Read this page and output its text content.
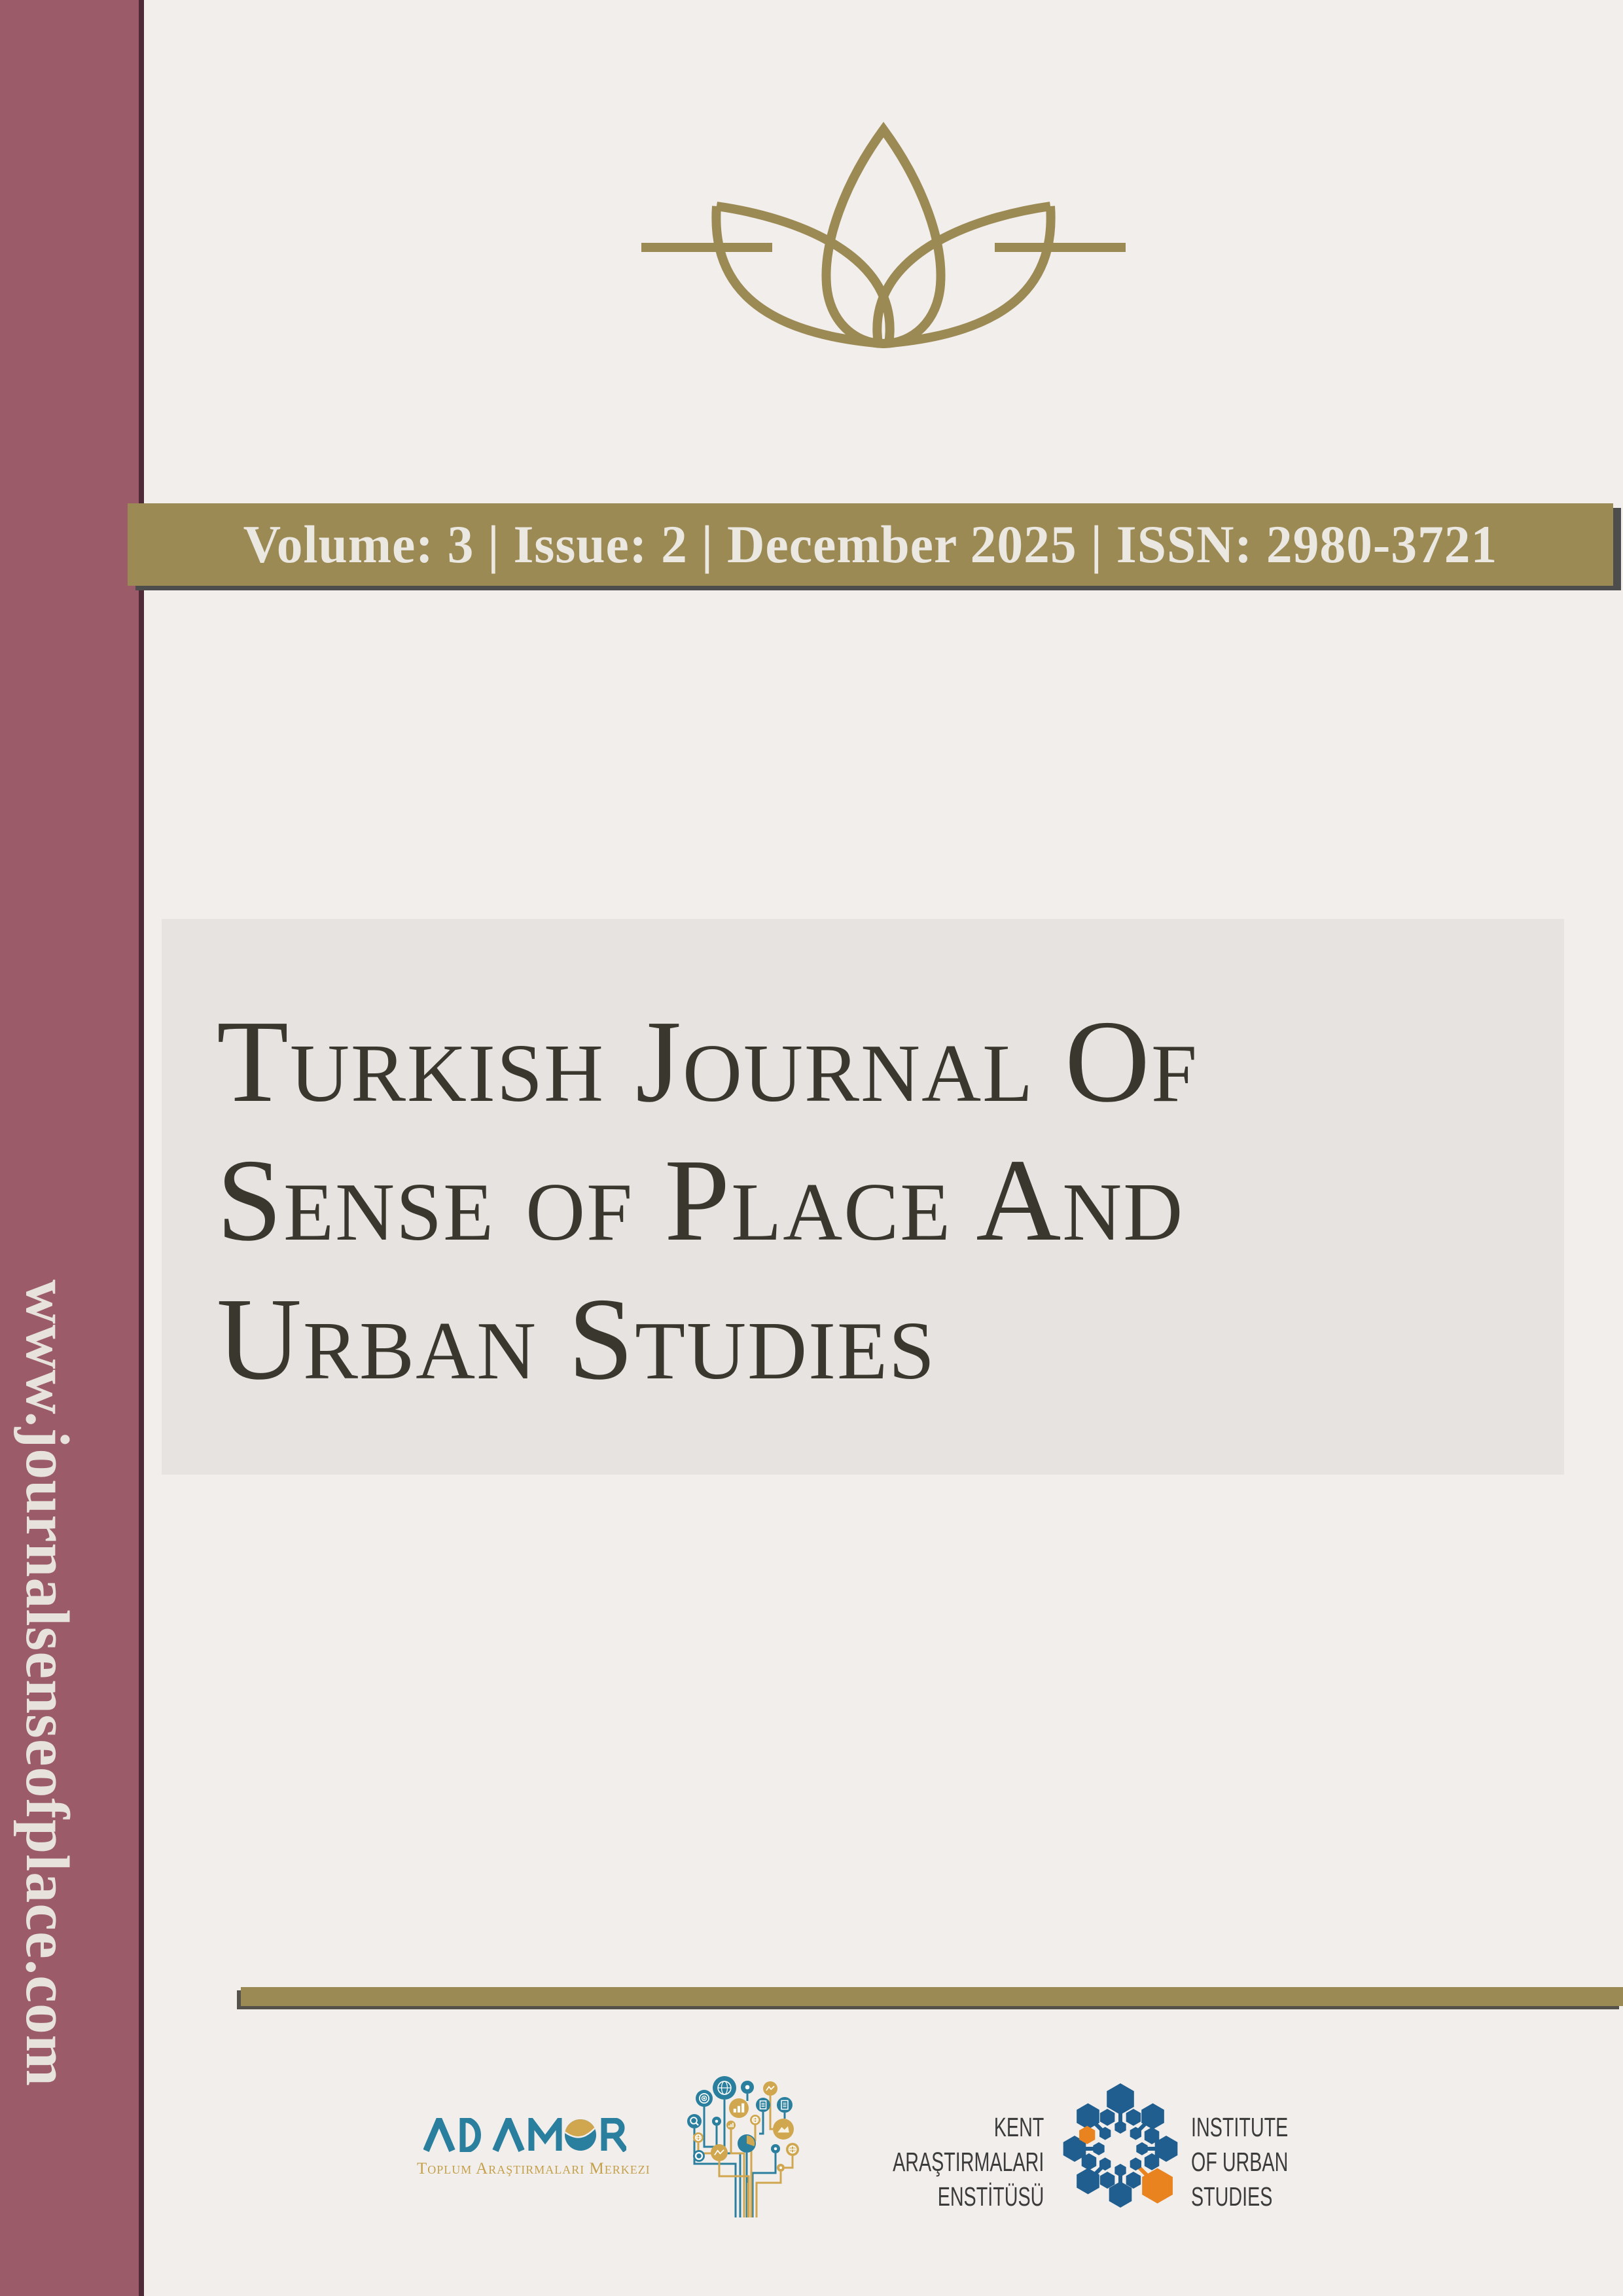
www.journalsenseofplace.com
Volume: 3 | Issue: 2 | December 2025 | ISSN: 2980-3721
Turkish Journal Of
Sense of Place And
Urban Studies
Toplum Araştırmaları Merkezi
KENT
ARAŞTIRMALARI
ENSTİTÜSÜ
INSTITUTE
OF URBAN
STUDIES
